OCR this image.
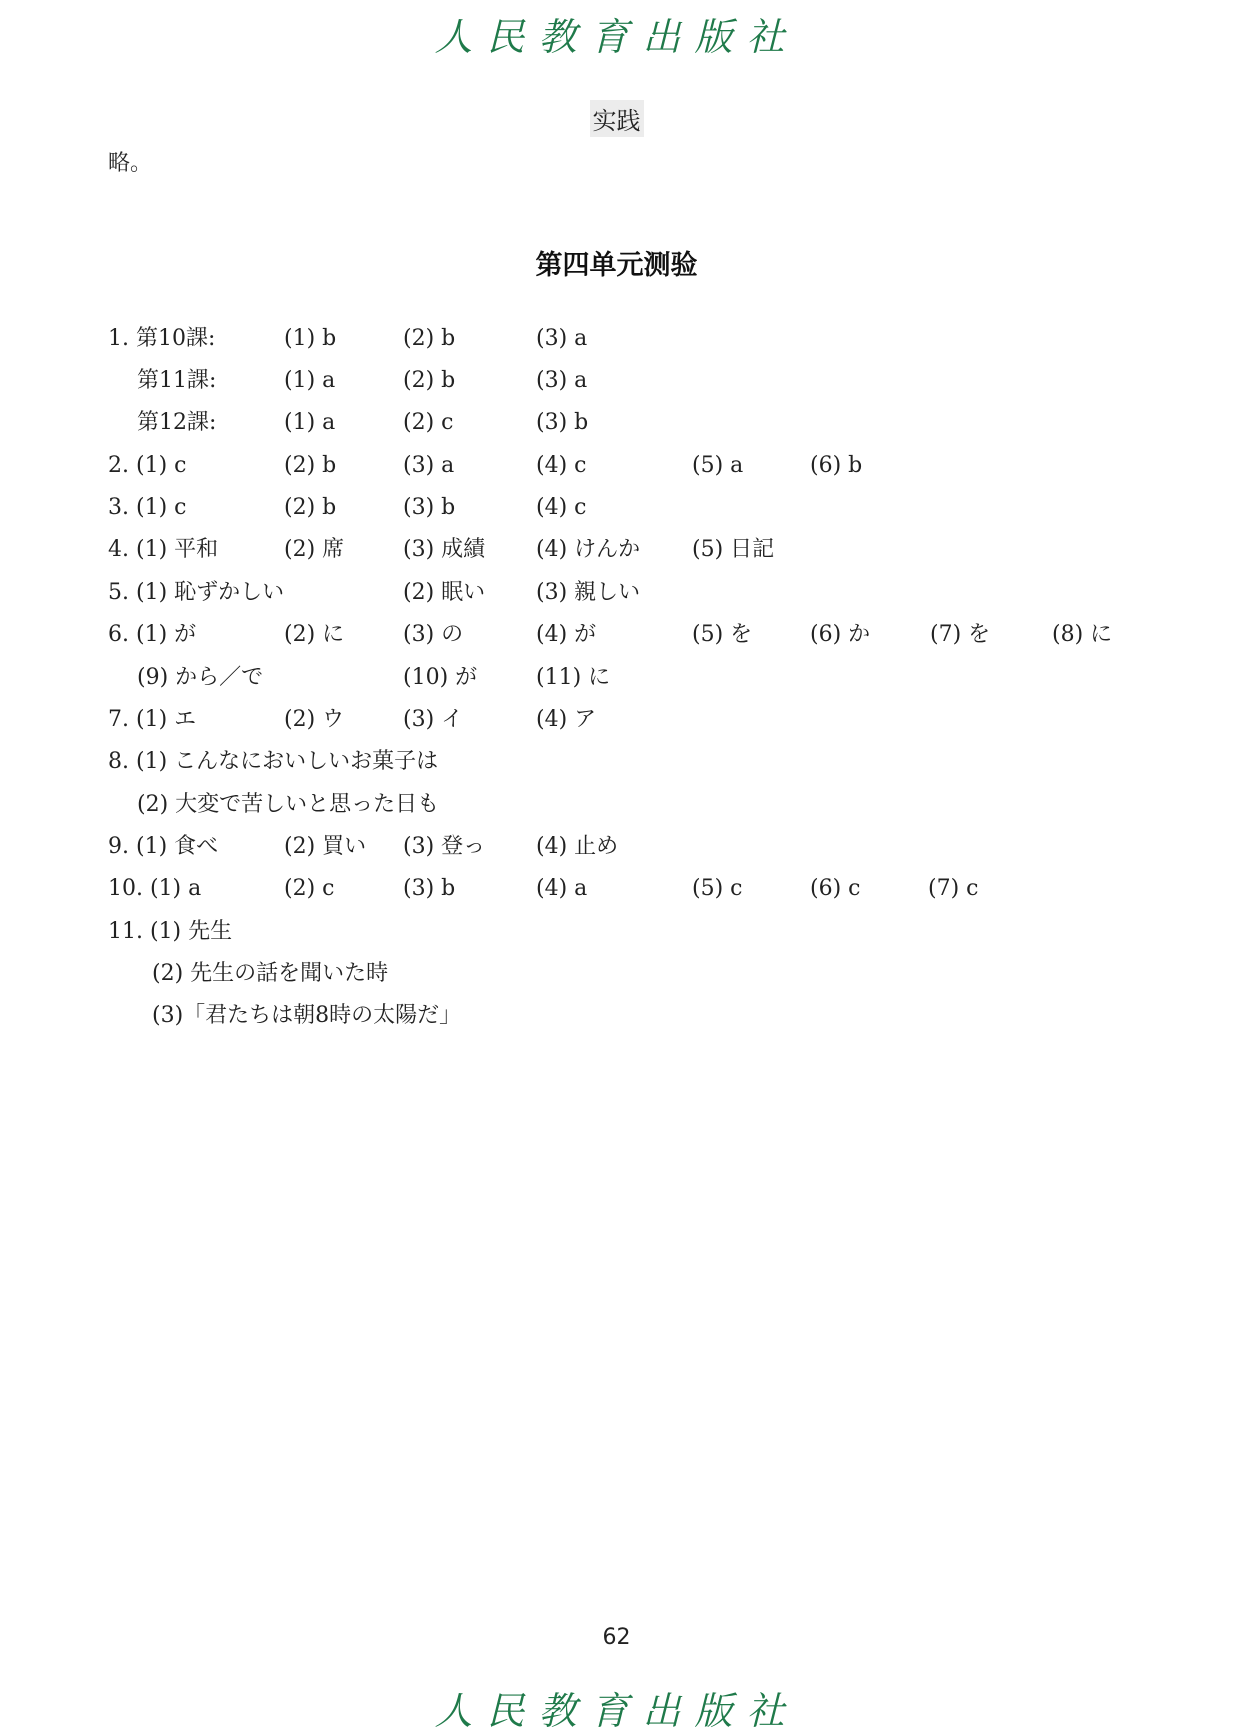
人民教育出版社
实践
略。
第四单元测验
1. 第10課:	(1) b	(2) b	(3) a
第11課:	(1) a	(2) b	(3) a
第12課:	(1) a	(2) c	(3) b
2. (1) c	(2) b	(3) a	(4) c	(5) a	(6) b
3. (1) c	(2) b	(3) b	(4) c
4. (1) 平和	(2) 席	(3) 成績 (4) けんか (5) 日記
5. (1) 恥ずかしい	(2) 眠い (3) 親しい
6. (1) が	(2) に	(3) の	(4) が	(5) を	(6) か	(7) を	(8) に
(9) から／で	(10) が	(11) に
7. (1) エ	(2) ウ	(3) イ	(4) ア
8. (1) こんなにおいしいお菓子は
(2) 大変で苦しいと思った日も
9. (1) 食べ	(2) 買い (3) 登っ (4) 止め
10. (1) a	(2) c	(3) b	(4) a	(5) c	(6) c	(7) c
11. (1) 先生
(2) 先生の話を聞いた時
(3)「君たちは朝8時の太陽だ」
62
人民教育出版社
